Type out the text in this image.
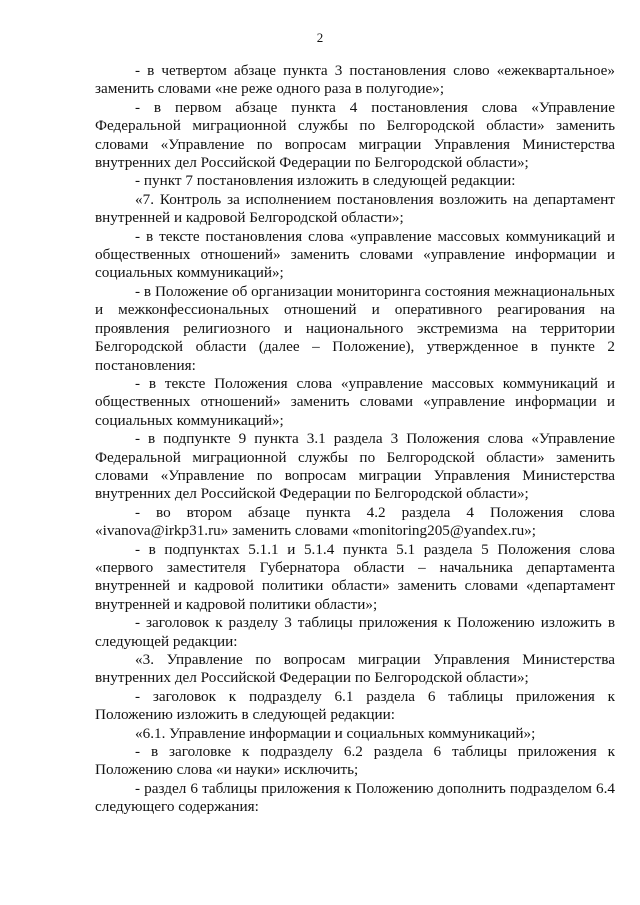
2

- в четвертом абзаце пункта 3 постановления слово «ежеквартальное» заменить словами «не реже одного раза в полугодие»;

- в первом абзаце пункта 4 постановления слова «Управление Федеральной миграционной службы по Белгородской области» заменить словами «Управление по вопросам миграции Управления Министерства внутренних дел Российской Федерации по Белгородской области»;

- пункт 7 постановления изложить в следующей редакции:

«7. Контроль за исполнением постановления возложить на департамент внутренней и кадровой Белгородской области»;

- в тексте постановления слова «управление массовых коммуникаций и общественных отношений» заменить словами «управление информации и социальных коммуникаций»;

- в Положение об организации мониторинга состояния межнациональных и межконфессиональных отношений и оперативного реагирования на проявления религиозного и национального экстремизма на территории Белгородской области (далее – Положение), утвержденное в пункте 2 постановления:

- в тексте Положения слова «управление массовых коммуникаций и общественных отношений» заменить словами «управление информации и социальных коммуникаций»;

- в подпункте 9 пункта 3.1 раздела 3 Положения слова «Управление Федеральной миграционной службы по Белгородской области» заменить словами «Управление по вопросам миграции Управления Министерства внутренних дел Российской Федерации по Белгородской области»;

- во втором абзаце пункта 4.2 раздела 4 Положения слова «ivanova@irkp31.ru» заменить словами «monitoring205@yandex.ru»;

- в подпунктах 5.1.1 и 5.1.4 пункта 5.1 раздела 5 Положения слова «первого заместителя Губернатора области – начальника департамента внутренней и кадровой политики области» заменить словами «департамент внутренней и кадровой политики области»;

- заголовок к разделу 3 таблицы приложения к Положению изложить в следующей редакции:

«3. Управление по вопросам миграции Управления Министерства внутренних дел Российской Федерации по Белгородской области»;

- заголовок к подразделу 6.1 раздела 6 таблицы приложения к Положению изложить в следующей редакции:

«6.1. Управление информации и социальных коммуникаций»;

- в заголовке к подразделу 6.2 раздела 6 таблицы приложения к Положению слова «и науки» исключить;

- раздел 6 таблицы приложения к Положению дополнить подразделом 6.4 следующего содержания:
